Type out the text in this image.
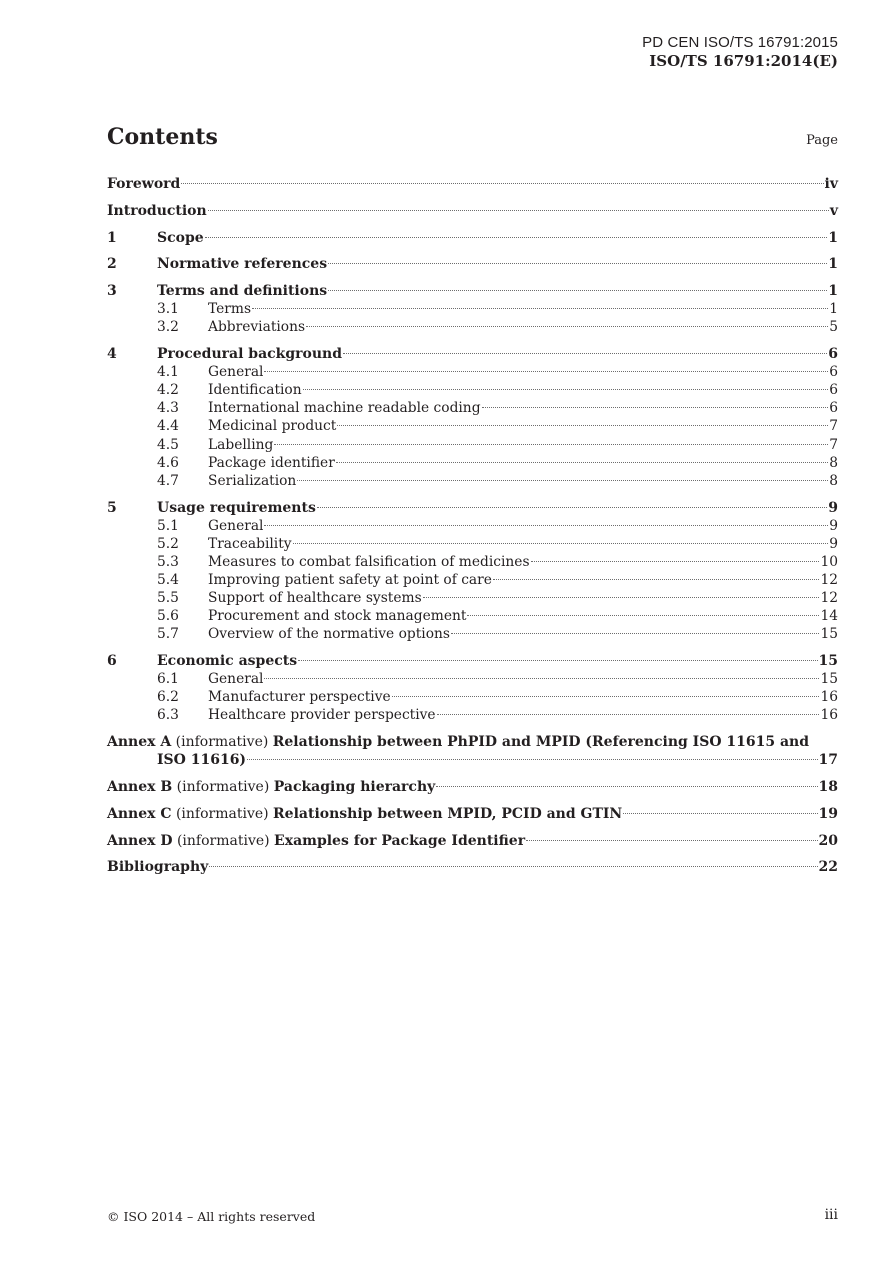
PD CEN ISO/TS 16791:2015
ISO/TS 16791:2014(E)
Contents	Page
Foreword	iv
Introduction	v
1	Scope	1
2	Normative references	1
3	Terms and definitions	1
3.1	Terms	1
3.2	Abbreviations	5
4	Procedural background	6
4.1	General	6
4.2	Identification	6
4.3	International machine readable coding	6
4.4	Medicinal product	7
4.5	Labelling	7
4.6	Package identifier	8
4.7	Serialization	8
5	Usage requirements	9
5.1	General	9
5.2	Traceability	9
5.3	Measures to combat falsification of medicines	10
5.4	Improving patient safety at point of care	12
5.5	Support of healthcare systems	12
5.6	Procurement and stock management	14
5.7	Overview of the normative options	15
6	Economic aspects	15
6.1	General	15
6.2	Manufacturer perspective	16
6.3	Healthcare provider perspective	16
Annex A (informative) Relationship between PhPID and MPID (Referencing ISO 11615 and
ISO 11616)	17
Annex B
(informative)
Packaging hierarchy	18
Annex C
(informative)
Relationship between MPID, PCID and GTIN	19
Annex D
(informative)
Examples for Package Identifier	20
Bibliography	22
© ISO 2014 – All rights reserved	iii
